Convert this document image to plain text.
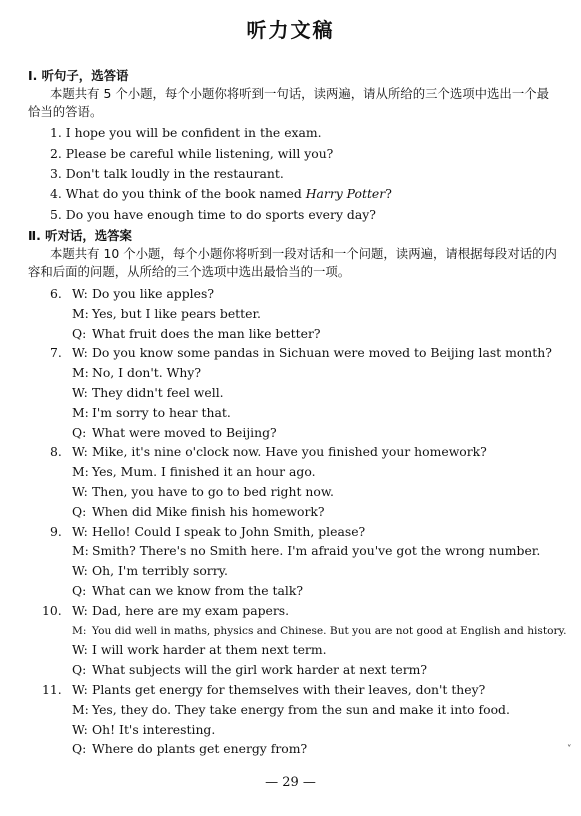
听力文稿
Ⅰ. 听句子，选答语
本题共有 5 个小题，每个小题你将听到一句话，读两遍，请从所给的三个选项中选出一个最
恰当的答语。
1. I hope you will be confident in the exam.
2. Please be careful while listening, will you?
3. Don't talk loudly in the restaurant.
4. What do you think of the book named Harry Potter?
5. Do you have enough time to do sports every day?
Ⅱ. 听对话，选答案
本题共有 10 个小题，每个小题你将听到一段对话和一个问题，读两遍，请根据每段对话的内
容和后面的问题，从所给的三个选项中选出最恰当的一项。
6. W: Do you like apples?
M: Yes, but I like pears better.
Q: What fruit does the man like better?
7. W: Do you know some pandas in Sichuan were moved to Beijing last month?
M: No, I don't. Why?
W: They didn't feel well.
M: I'm sorry to hear that.
Q: What were moved to Beijing?
8. W: Mike, it's nine o'clock now. Have you finished your homework?
M: Yes, Mum. I finished it an hour ago.
W: Then, you have to go to bed right now.
Q: When did Mike finish his homework?
9. W: Hello! Could I speak to John Smith, please?
M: Smith? There's no Smith here. I'm afraid you've got the wrong number.
W: Oh, I'm terribly sorry.
Q: What can we know from the talk?
10. W: Dad, here are my exam papers.
M: You did well in maths, physics and Chinese. But you are not good at English and history.
W: I will work harder at them next term.
Q: What subjects will the girl work harder at next term?
11. W: Plants get energy for themselves with their leaves, don't they?
M: Yes, they do. They take energy from the sun and make it into food.
W: Oh! It's interesting.
Q: Where do plants get energy from?
— 29 —
˅
